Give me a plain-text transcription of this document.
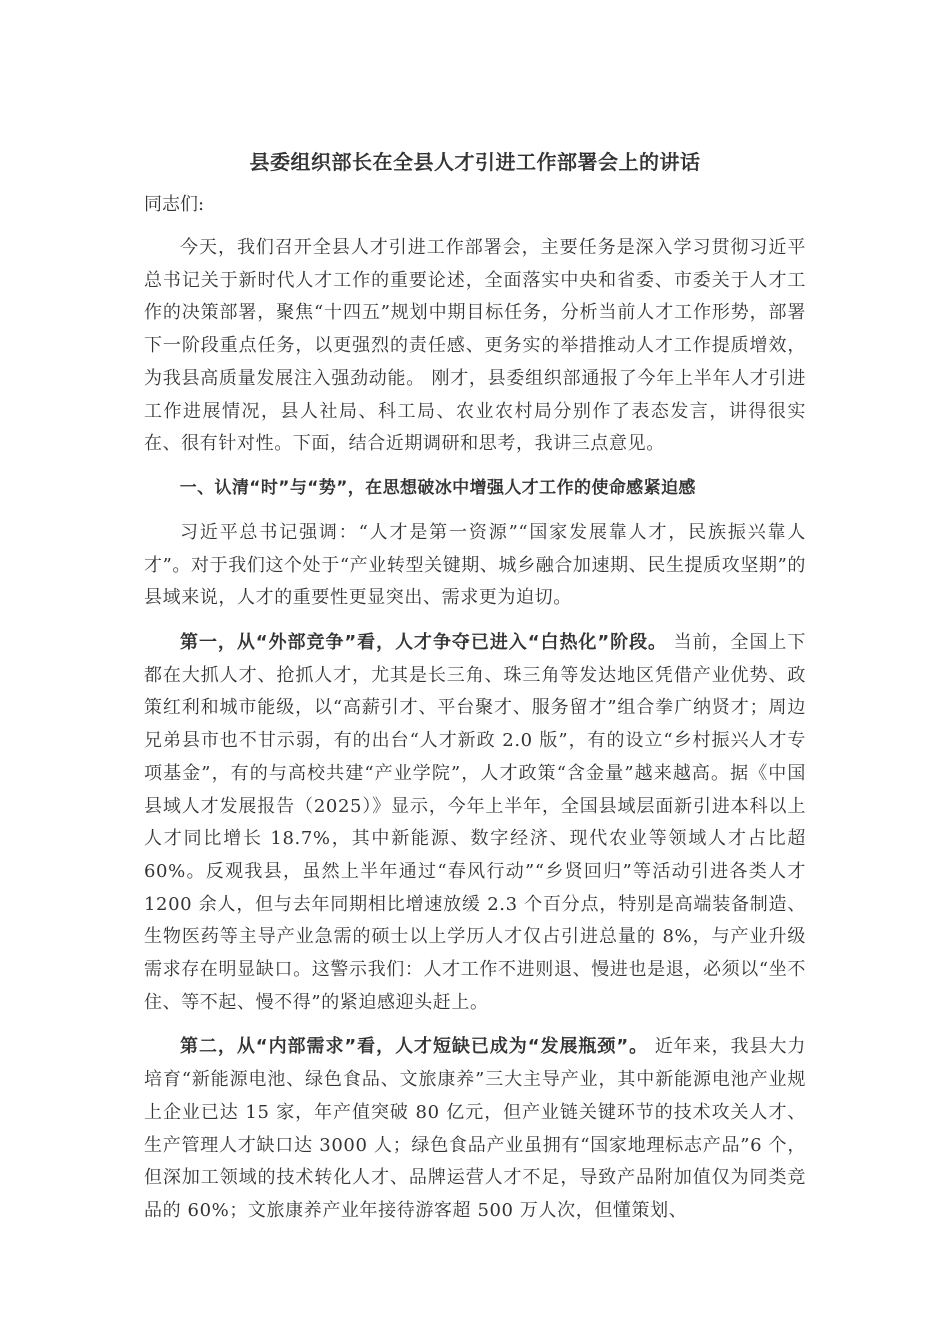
县委组织部长在全县人才引进工作部署会上的讲话
同志们:

今天，我们召开全县人才引进工作部署会，主要任务是深入学习贯彻习近平总书记关于新时代人才工作的重要论述，全面落实中央和省委、市委关于人才工作的决策部署，聚焦“十四五”规划中期目标任务，分析当前人才工作形势，部署下一阶段重点任务，以更强烈的责任感、更务实的举措推动人才工作提质增效，为我县高质量发展注入强劲动能。 刚才，县委组织部通报了今年上半年人才引进工作进展情况，县人社局、科工局、农业农村局分别作了表态发言，讲得很实在、很有针对性。下面，结合近期调研和思考，我讲三点意见。

一、认清“时”与“势”，在思想破冰中增强人才工作的使命感紧迫感

习近平总书记强调：“人才是第一资源”“国家发展靠人才，民族振兴靠人才”。对于我们这个处于“产业转型关键期、城乡融合加速期、民生提质攻坚期”的县域来说，人才的重要性更显突出、需求更为迫切。

第一，从“外部竞争”看，人才争夺已进入“白热化”阶段。 当前，全国上下都在大抓人才、抢抓人才，尤其是长三角、珠三角等发达地区凭借产业优势、政策红利和城市能级，以“高薪引才、平台聚才、服务留才”组合拳广纳贤才；周边兄弟县市也不甘示弱，有的出台“人才新政 2.0 版”，有的设立“乡村振兴人才专项基金”，有的与高校共建“产业学院”，人才政策“含金量”越来越高。据《中国县域人才发展报告（2025）》显示，今年上半年，全国县域层面新引进本科以上人才同比增长 18.7%，其中新能源、数字经济、现代农业等领域人才占比超 60%。反观我县，虽然上半年通过“春风行动”“乡贤回归”等活动引进各类人才 1200 余人，但与去年同期相比增速放缓 2.3 个百分点，特别是高端装备制造、生物医药等主导产业急需的硕士以上学历人才仅占引进总量的 8%，与产业升级需求存在明显缺口。这警示我们：人才工作不进则退、慢进也是退，必须以“坐不住、等不起、慢不得”的紧迫感迎头赶上。

第二，从“内部需求”看，人才短缺已成为“发展瓶颈”。 近年来，我县大力培育“新能源电池、绿色食品、文旅康养”三大主导产业，其中新能源电池产业规上企业已达 15 家，年产值突破 80 亿元，但产业链关键环节的技术攻关人才、生产管理人才缺口达 3000 人；绿色食品产业虽拥有“国家地理标志产品”6 个，但深加工领域的技术转化人才、品牌运营人才不足，导致产品附加值仅为同类竞品的 60%；文旅康养产业年接待游客超 500 万人次，但懂策划、
